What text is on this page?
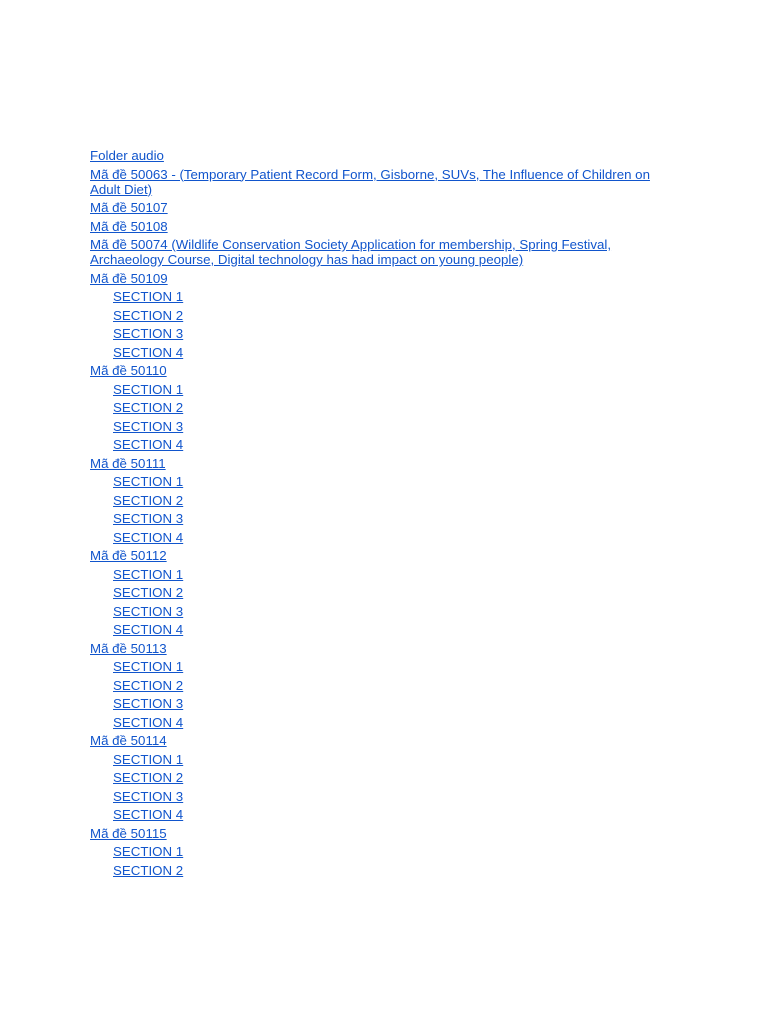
Folder audio
Mã đề 50063 - (Temporary Patient Record Form, Gisborne, SUVs, The Influence of Children on Adult Diet)
Mã đề 50107
Mã đề 50108
Mã đề 50074 (Wildlife Conservation Society Application for membership, Spring Festival, Archaeology Course, Digital technology has had impact on young people)
Mã đề 50109
SECTION 1
SECTION 2
SECTION 3
SECTION 4
Mã đề 50110
SECTION 1
SECTION 2
SECTION 3
SECTION 4
Mã đề 50111
SECTION 1
SECTION 2
SECTION 3
SECTION 4
Mã đề 50112
SECTION 1
SECTION 2
SECTION 3
SECTION 4
Mã đề 50113
SECTION 1
SECTION 2
SECTION 3
SECTION 4
Mã đề 50114
SECTION 1
SECTION 2
SECTION 3
SECTION 4
Mã đề 50115
SECTION 1
SECTION 2
